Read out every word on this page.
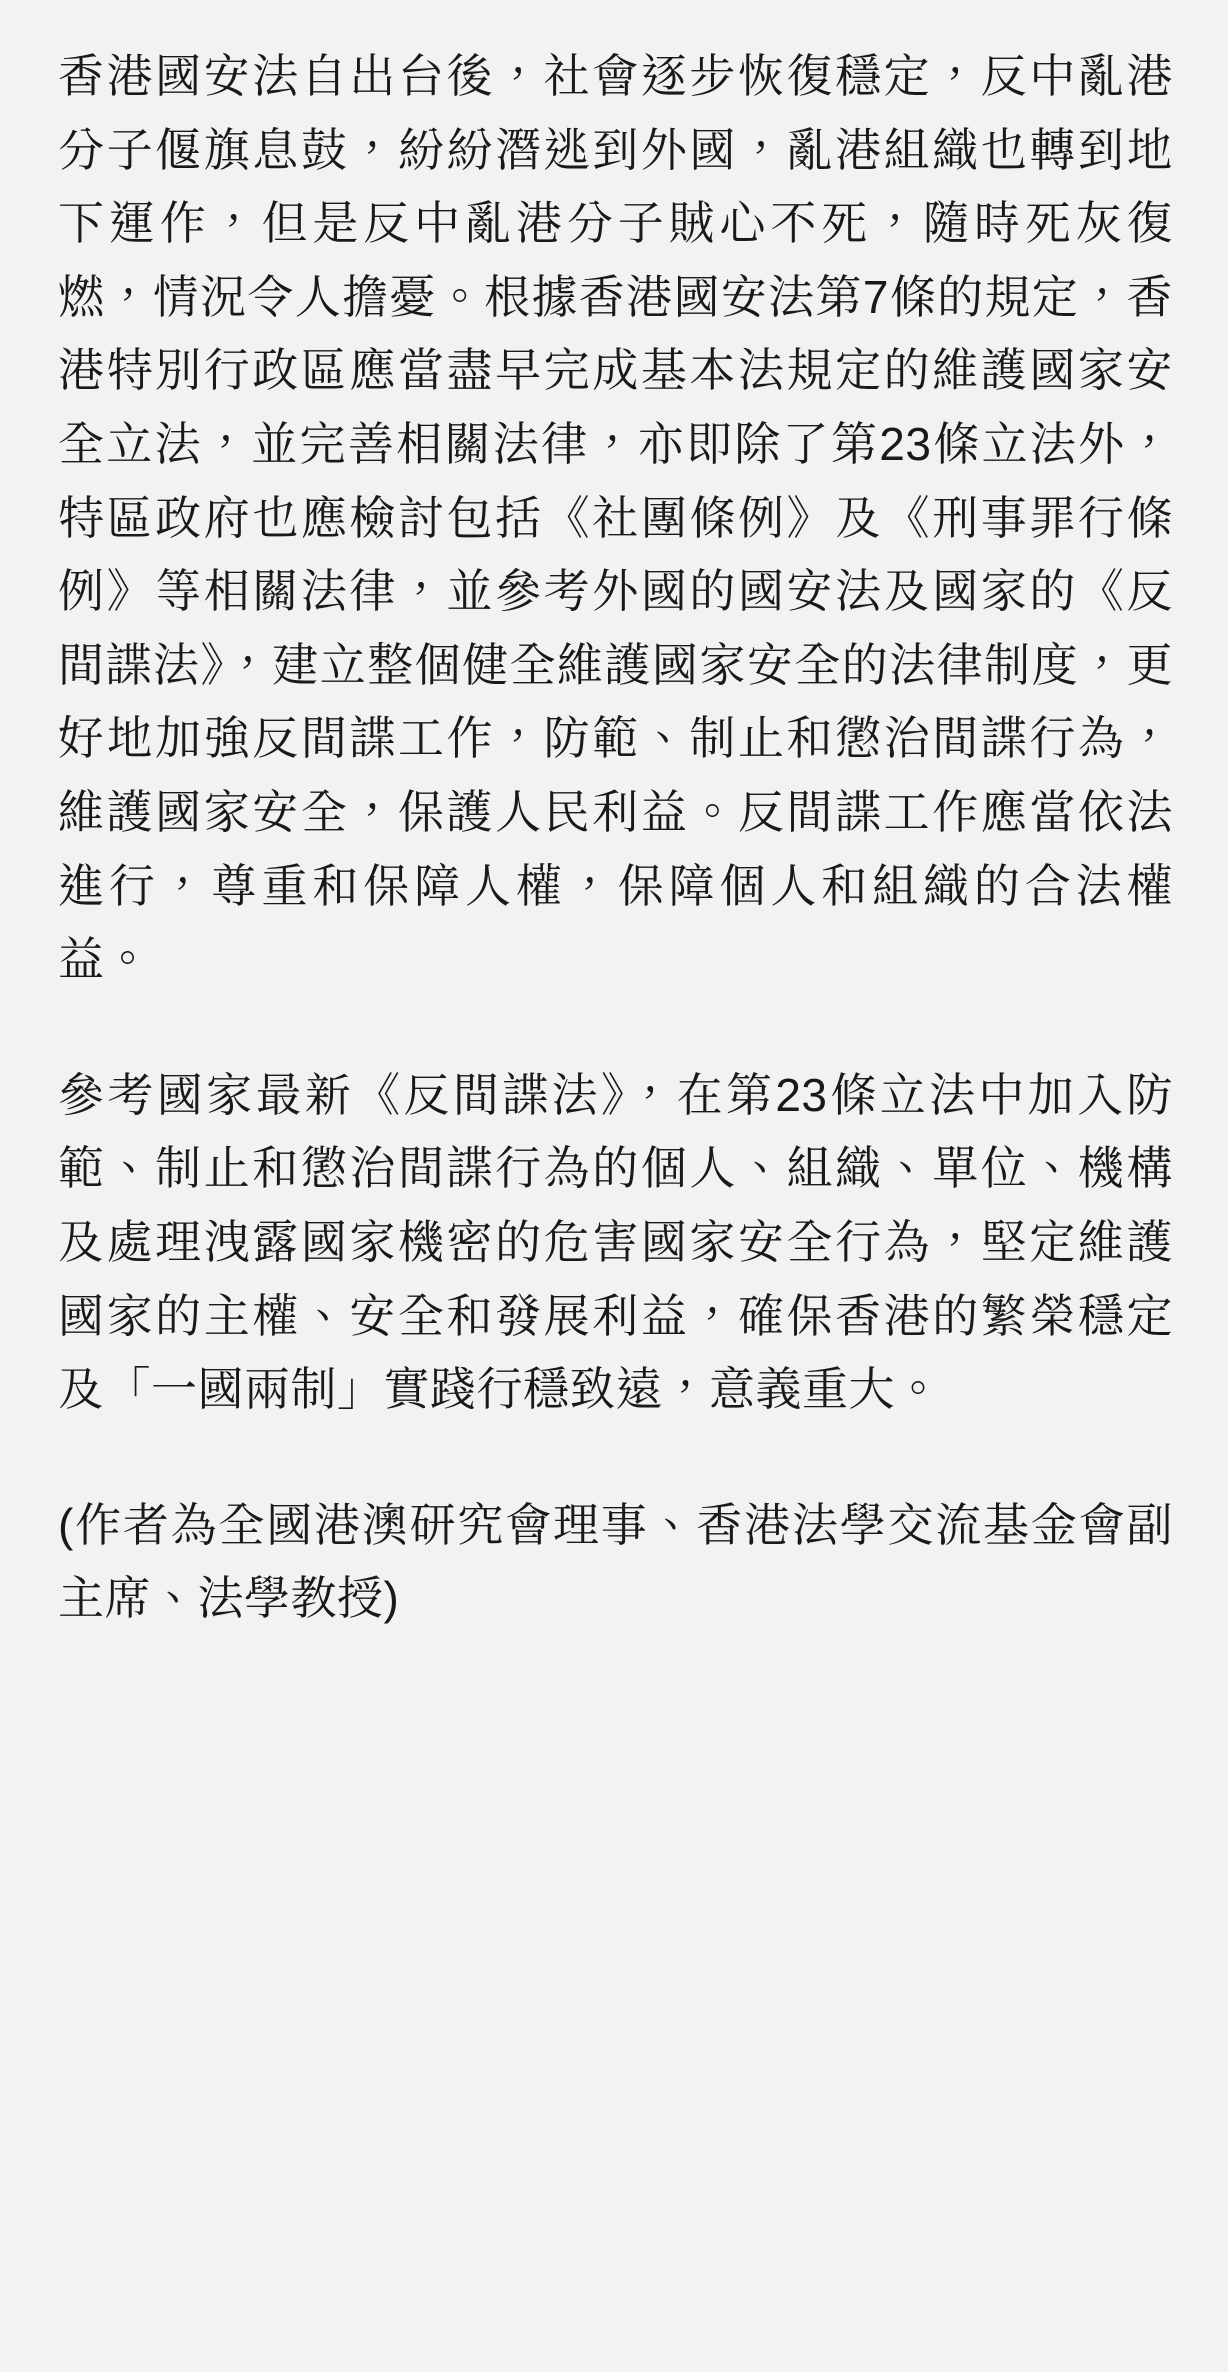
香港國安法自出台後，社會逐步恢復穩定，反中亂港分子偃旗息鼓，紛紛潛逃到外國，亂港組織也轉到地下運作，但是反中亂港分子賊心不死，隨時死灰復燃，情況令人擔憂。根據香港國安法第7條的規定，香港特別行政區應當盡早完成基本法規定的維護國家安全立法，並完善相關法律，亦即除了第23條立法外，特區政府也應檢討包括《社團條例》及《刑事罪行條例》等相關法律，並參考外國的國安法及國家的《反間諜法》，建立整個健全維護國家安全的法律制度，更好地加強反間諜工作，防範、制止和懲治間諜行為，維護國家安全，保護人民利益。反間諜工作應當依法進行，尊重和保障人權，保障個人和組織的合法權益。

參考國家最新《反間諜法》，在第23條立法中加入防範、制止和懲治間諜行為的個人、組織、單位、機構及處理洩露國家機密的危害國家安全行為，堅定維護國家的主權、安全和發展利益，確保香港的繁榮穩定及「一國兩制」實踐行穩致遠，意義重大。

(作者為全國港澳研究會理事、香港法學交流基金會副主席、法學教授)
